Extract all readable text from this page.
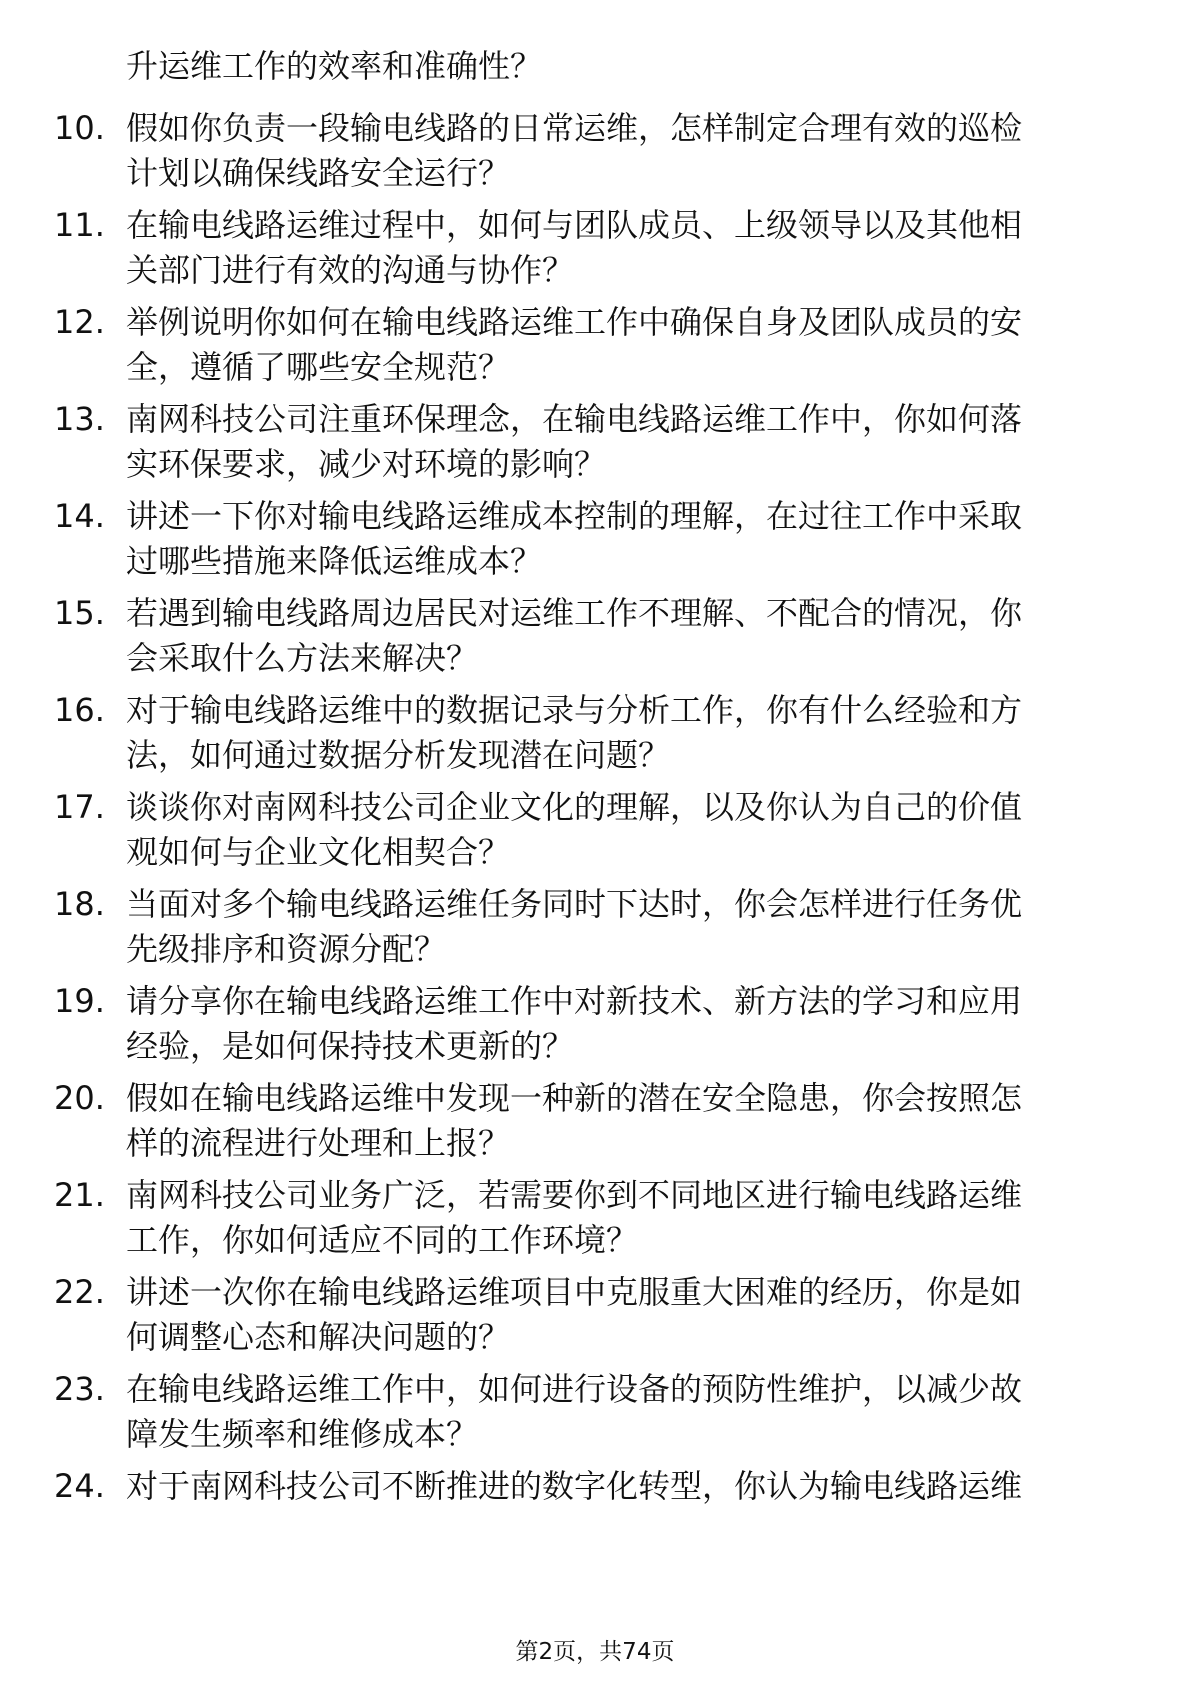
升运维工作的效率和准确性？
10. 假如你负责一段输电线路的日常运维，怎样制定合理有效的巡检
计划以确保线路安全运行？
11. 在输电线路运维过程中，如何与团队成员、上级领导以及其他相
关部门进行有效的沟通与协作？
12. 举例说明你如何在输电线路运维工作中确保自身及团队成员的安
全，遵循了哪些安全规范？
13. 南网科技公司注重环保理念，在输电线路运维工作中，你如何落
实环保要求，减少对环境的影响？
14. 讲述一下你对输电线路运维成本控制的理解，在过往工作中采取
过哪些措施来降低运维成本？
15. 若遇到输电线路周边居民对运维工作不理解、不配合的情况，你
会采取什么方法来解决？
16. 对于输电线路运维中的数据记录与分析工作，你有什么经验和方
法，如何通过数据分析发现潜在问题？
17. 谈谈你对南网科技公司企业文化的理解，以及你认为自己的价值
观如何与企业文化相契合？
18. 当面对多个输电线路运维任务同时下达时，你会怎样进行任务优
先级排序和资源分配？
19. 请分享你在输电线路运维工作中对新技术、新方法的学习和应用
经验，是如何保持技术更新的？
20. 假如在输电线路运维中发现一种新的潜在安全隐患，你会按照怎
样的流程进行处理和上报？
21. 南网科技公司业务广泛，若需要你到不同地区进行输电线路运维
工作，你如何适应不同的工作环境？
22. 讲述一次你在输电线路运维项目中克服重大困难的经历，你是如
何调整心态和解决问题的？
23. 在输电线路运维工作中，如何进行设备的预防性维护，以减少故
障发生频率和维修成本？
24. 对于南网科技公司不断推进的数字化转型，你认为输电线路运维
第2页，共74页
